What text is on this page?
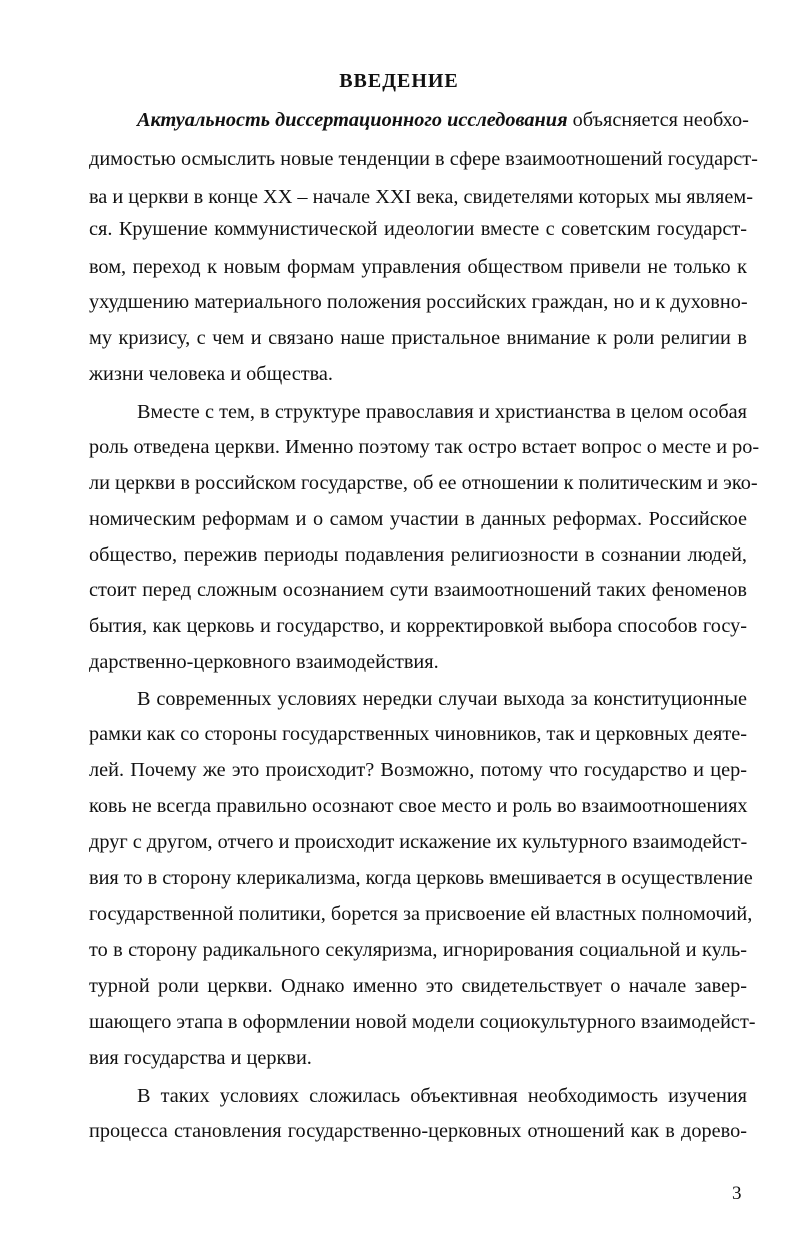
ВВЕДЕНИЕ
Актуальность диссертационного исследования объясняется необхо-
димостью осмыслить новые тенденции в сфере взаимоотношений государст-
ва и церкви в конце XX – начале XXI века, свидетелями которых мы являем-
ся. Крушение коммунистической идеологии вместе с советским государст-
вом, переход к новым формам управления обществом привели не только к
ухудшению материального положения российских граждан, но и к духовно-
му кризису, с чем и связано наше пристальное внимание к роли религии в
жизни человека и общества.
Вместе с тем, в структуре православия и христианства в целом особая
роль отведена церкви. Именно поэтому так остро встает вопрос о месте и ро-
ли церкви в российском государстве, об ее отношении к политическим и эко-
номическим реформам и о самом участии в данных реформах. Российское
общество, пережив периоды подавления религиозности в сознании людей,
стоит перед сложным осознанием сути взаимоотношений таких феноменов
бытия, как церковь и государство, и корректировкой выбора способов госу-
дарственно-церковного взаимодействия.
В современных условиях нередки случаи выхода за конституционные
рамки как со стороны государственных чиновников, так и церковных деяте-
лей. Почему же это происходит? Возможно, потому что государство и цер-
ковь не всегда правильно осознают свое место и роль во взаимоотношениях
друг с другом, отчего и происходит искажение их культурного взаимодейст-
вия то в сторону клерикализма, когда церковь вмешивается в осуществление
государственной политики, борется за присвоение ей властных полномочий,
то в сторону радикального секуляризма, игнорирования социальной и куль-
турной роли церкви. Однако именно это свидетельствует о начале завер-
шающего этапа в оформлении новой модели социокультурного взаимодейст-
вия государства и церкви.
В таких условиях сложилась объективная необходимость изучения
процесса становления государственно-церковных отношений как в дорево-
3
